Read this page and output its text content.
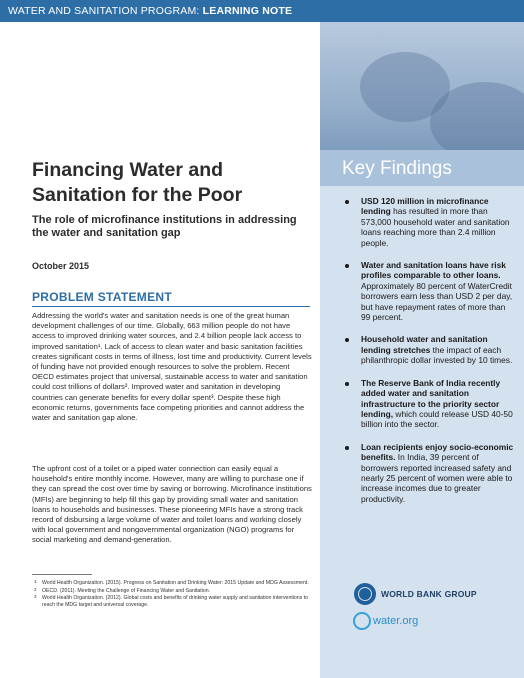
WATER AND SANITATION PROGRAM: LEARNING NOTE
Key Findings
USD 120 million in microfinance lending has resulted in more than 573,000 household water and sanitation loans reaching more than 2.4 million people.
Water and sanitation loans have risk profiles comparable to other loans. Approximately 80 percent of WaterCredit borrowers earn less than USD 2 per day, but have repayment rates of more than 99 percent.
Household water and sanitation lending stretches the impact of each philanthropic dollar invested by 10 times.
The Reserve Bank of India recently added water and sanitation infrastructure to the priority sector lending, which could release USD 40-50 billion into the sector.
Loan recipients enjoy socio-economic benefits. In India, 39 percent of borrowers reported increased safety and nearly 25 percent of women were able to increase incomes due to greater productivity.
WORLD BANK GROUP
water.org
Financing Water and Sanitation for the Poor
The role of microfinance institutions in addressing the water and sanitation gap
October 2015
PROBLEM STATEMENT

Addressing the world's water and sanitation needs is one of the great human development challenges of our time. Globally, 663 million people do not have access to improved drinking water sources, and 2.4 billion people lack access to improved sanitation¹. Lack of access to clean water and basic sanitation facilities creates significant costs in terms of illness, lost time and productivity. Current levels of funding have not provided enough resources to solve the problem. Recent OECD estimates project that universal, sustainable access to water and sanitation could cost trillions of dollars². Improved water and sanitation in developing countries can generate benefits for every dollar spent³. Despite these high economic returns, governments face competing priorities and cannot address the water and sanitation gap alone.

The upfront cost of a toilet or a piped water connection can easily equal a household's entire monthly income. However, many are willing to purchase one if they can spread the cost over time by saving or borrowing. Microfinance institutions (MFIs) are beginning to help fill this gap by providing small water and sanitation loans to households and businesses. These pioneering MFIs have a strong track record of disbursing a large volume of water and toilet loans and working closely with local government and nongovernmental organization (NGO) programs for social marketing and demand-generation.

1 World Health Organization. (2015). Progress on Sanitation and Drinking Water: 2015 Update and MDG Assessment.
2 OECD. (2011). Meeting the Challenge of Financing Water and Sanitation.
3 World Health Organization. (2012). Global costs and benefits of drinking water supply and sanitation interventions to reach the MDG target and universal coverage.
